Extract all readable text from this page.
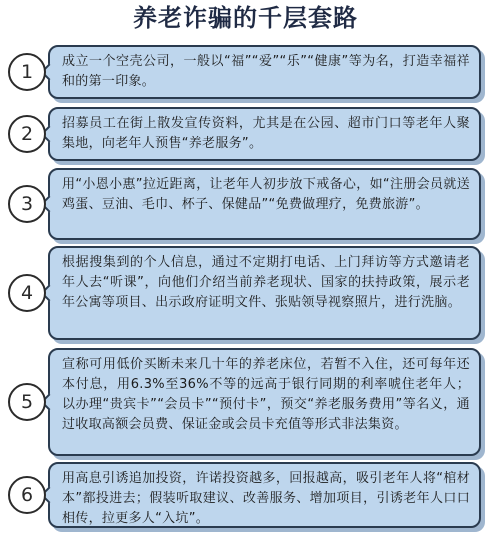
养老诈骗的千层套路
1	成立一个空壳公司，一般以“福”“爱”“乐”“健康”等为名，打造幸福祥和的第一印象。
2	招募员工在街上散发宣传资料，尤其是在公园、超市门口等老年人聚集地，向老年人预售“养老服务”。
3
用“小恩小惠”拉近距离，让老年人初步放下戒备心，如“注册会员就送鸡蛋、豆油、毛巾、杯子、保健品”“免费做理疗，免费旅游”。
4
根据搜集到的个人信息，通过不定期打电话、上门拜访等方式邀请老年人去“听课”，向他们介绍当前养老现状、国家的扶持政策，展示老年公寓等项目、出示政府证明文件、张贴领导视察照片，进行洗脑。
5
宣称可用低价买断未来几十年的养老床位，若暂不入住，还可每年还本付息，用6.3%至36%不等的远高于银行同期的利率唬住老年人；以办理“贵宾卡”“会员卡”“预付卡”，预交“养老服务费用”等名义，通过收取高额会员费、保证金或会员卡充值等形式非法集资。
6
用高息引诱追加投资，许诺投资越多，回报越高，吸引老年人将“棺材本”都投进去；假装听取建议、改善服务、增加项目，引诱老年人口口相传，拉更多人“入坑”。
